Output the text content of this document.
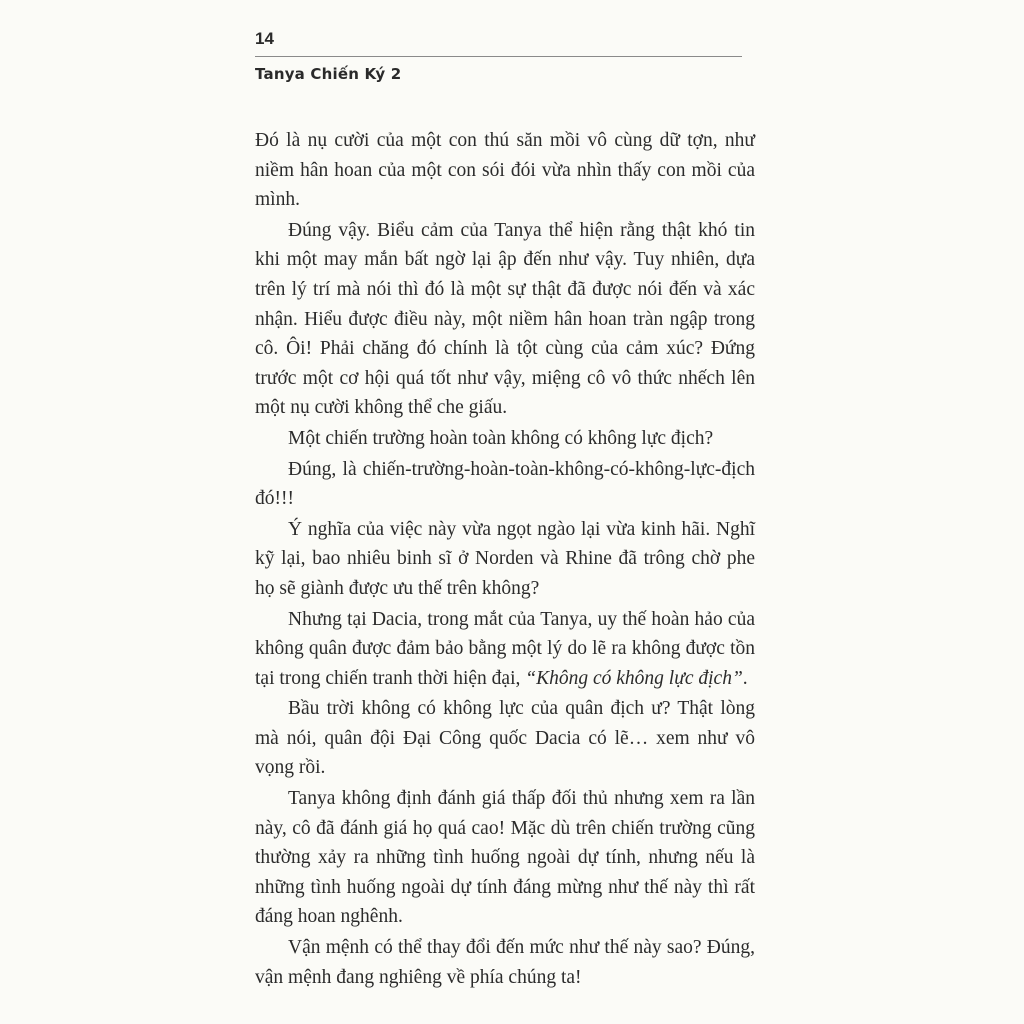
14
Tanya Chiến Ký 2

Đó là nụ cười của một con thú săn mồi vô cùng dữ tợn, như niềm hân hoan của một con sói đói vừa nhìn thấy con mồi của mình.

Đúng vậy. Biểu cảm của Tanya thể hiện rằng thật khó tin khi một may mắn bất ngờ lại ập đến như vậy. Tuy nhiên, dựa trên lý trí mà nói thì đó là một sự thật đã được nói đến và xác nhận. Hiểu được điều này, một niềm hân hoan tràn ngập trong cô. Ôi! Phải chăng đó chính là tột cùng của cảm xúc? Đứng trước một cơ hội quá tốt như vậy, miệng cô vô thức nhếch lên một nụ cười không thể che giấu.

Một chiến trường hoàn toàn không có không lực địch?

Đúng, là chiến-trường-hoàn-toàn-không-có-không-lực-địch đó!!!

Ý nghĩa của việc này vừa ngọt ngào lại vừa kinh hãi. Nghĩ kỹ lại, bao nhiêu binh sĩ ở Norden và Rhine đã trông chờ phe họ sẽ giành được ưu thế trên không?

Nhưng tại Dacia, trong mắt của Tanya, uy thế hoàn hảo của không quân được đảm bảo bằng một lý do lẽ ra không được tồn tại trong chiến tranh thời hiện đại, “Không có không lực địch”.

Bầu trời không có không lực của quân địch ư? Thật lòng mà nói, quân đội Đại Công quốc Dacia có lẽ… xem như vô vọng rồi.

Tanya không định đánh giá thấp đối thủ nhưng xem ra lần này, cô đã đánh giá họ quá cao! Mặc dù trên chiến trường cũng thường xảy ra những tình huống ngoài dự tính, nhưng nếu là những tình huống ngoài dự tính đáng mừng như thế này thì rất đáng hoan nghênh.

Vận mệnh có thể thay đổi đến mức như thế này sao? Đúng, vận mệnh đang nghiêng về phía chúng ta!
